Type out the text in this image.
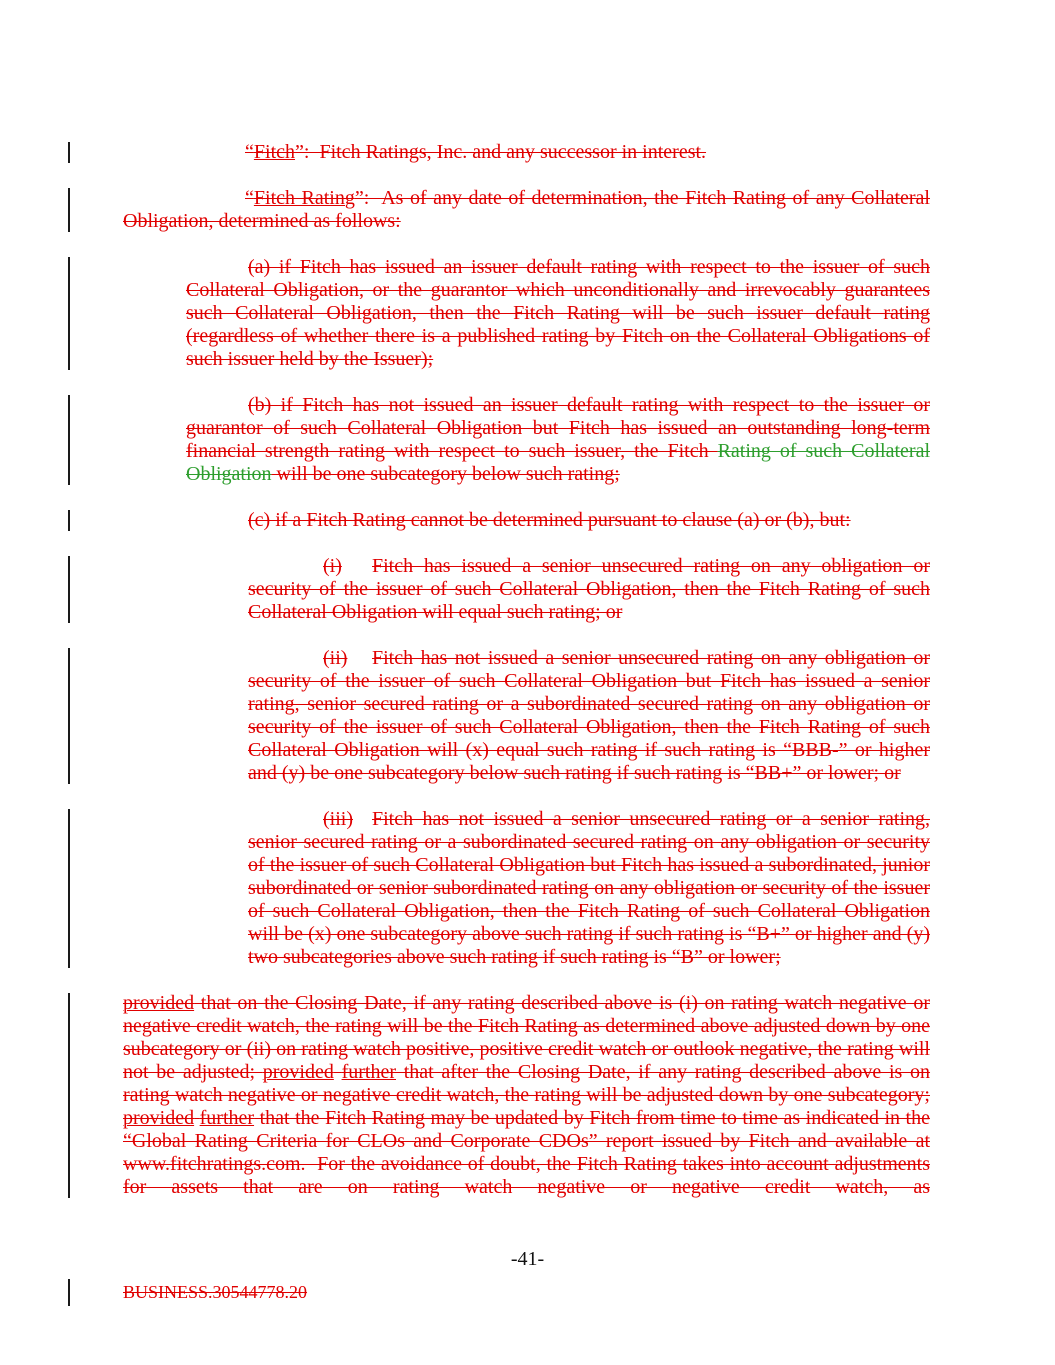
“Fitch”:  Fitch Ratings, Inc. and any successor in interest.
“Fitch Rating”:  As of any date of determination, the Fitch Rating of any Collateral Obligation, determined as follows:
(a) if Fitch has issued an issuer default rating with respect to the issuer of such Collateral Obligation, or the guarantor which unconditionally and irrevocably guarantees such Collateral Obligation, then the Fitch Rating will be such issuer default rating (regardless of whether there is a published rating by Fitch on the Collateral Obligations of such issuer held by the Issuer);
(b) if Fitch has not issued an issuer default rating with respect to the issuer or guarantor of such Collateral Obligation but Fitch has issued an outstanding long-term financial strength rating with respect to such issuer, the Fitch Rating of such Collateral Obligation will be one subcategory below such rating;
(c) if a Fitch Rating cannot be determined pursuant to clause (a) or (b), but:
(i) Fitch has issued a senior unsecured rating on any obligation or security of the issuer of such Collateral Obligation, then the Fitch Rating of such Collateral Obligation will equal such rating; or
(ii) Fitch has not issued a senior unsecured rating on any obligation or security of the issuer of such Collateral Obligation but Fitch has issued a senior rating, senior secured rating or a subordinated secured rating on any obligation or security of the issuer of such Collateral Obligation, then the Fitch Rating of such Collateral Obligation will (x) equal such rating if such rating is “BBB-” or higher and (y) be one subcategory below such rating if such rating is “BB+” or lower; or
(iii) Fitch has not issued a senior unsecured rating or a senior rating, senior secured rating or a subordinated secured rating on any obligation or security of the issuer of such Collateral Obligation but Fitch has issued a subordinated, junior subordinated or senior subordinated rating on any obligation or security of the issuer of such Collateral Obligation, then the Fitch Rating of such Collateral Obligation will be (x) one subcategory above such rating if such rating is “B+” or higher and (y) two subcategories above such rating if such rating is “B” or lower;
provided that on the Closing Date, if any rating described above is (i) on rating watch negative or negative credit watch, the rating will be the Fitch Rating as determined above adjusted down by one subcategory or (ii) on rating watch positive, positive credit watch or outlook negative, the rating will not be adjusted; provided further that after the Closing Date, if any rating described above is on rating watch negative or negative credit watch, the rating will be adjusted down by one subcategory; provided further that the Fitch Rating may be updated by Fitch from time to time as indicated in the “Global Rating Criteria for CLOs and Corporate CDOs” report issued by Fitch and available at www.fitchratings.com.  For the avoidance of doubt, the Fitch Rating takes into account adjustments for assets that are on rating watch negative or negative credit watch, as
-41-
BUSINESS.30544778.20
